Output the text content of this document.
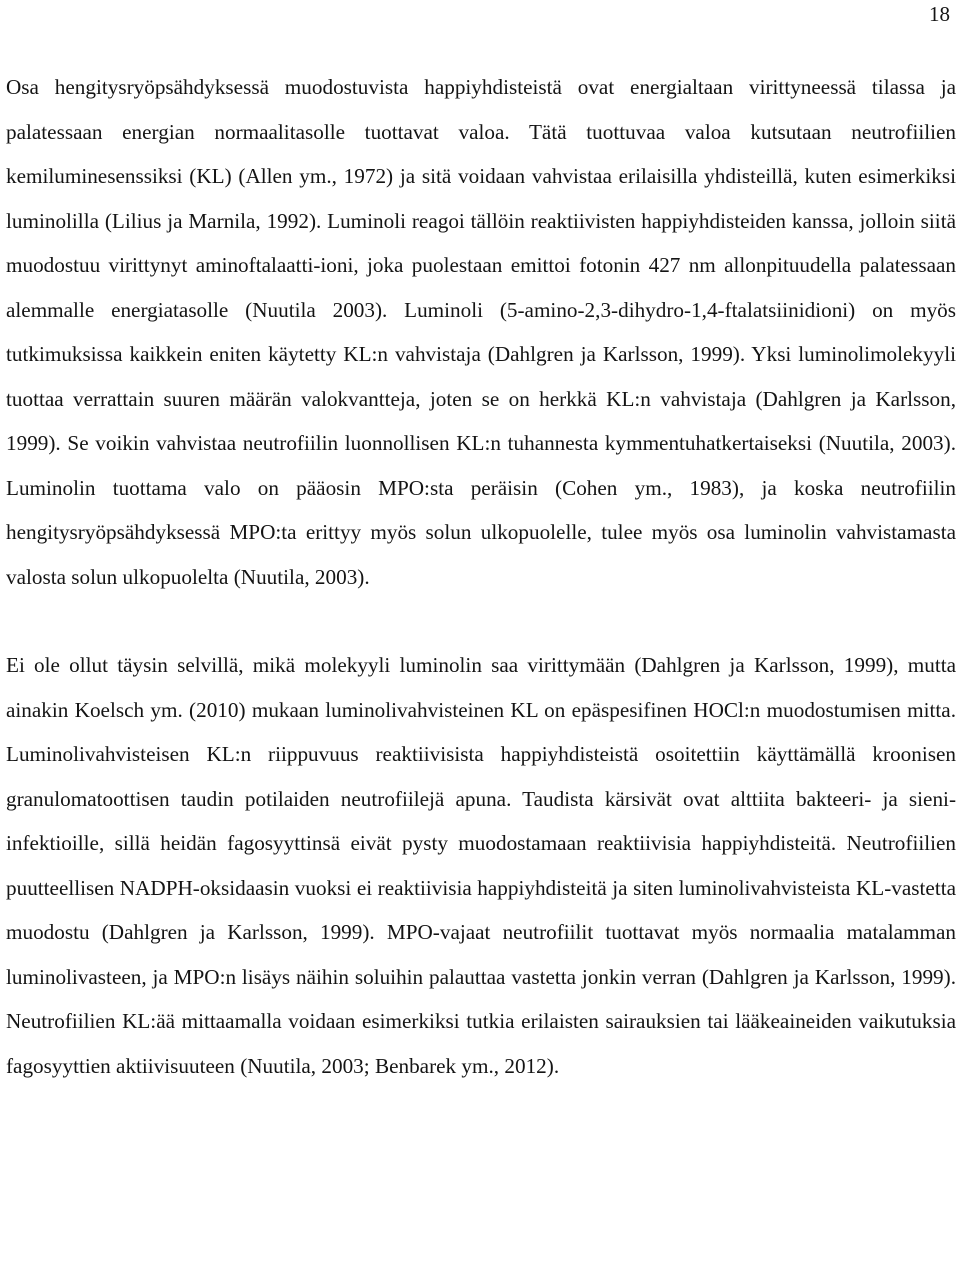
18

Osa hengitysryöpsähdyksessä muodostuvista happiyhdisteistä ovat energialtaan virittyneessä tilassa ja palatessaan energian normaalitasolle tuottavat valoa. Tätä tuottuvaa valoa kutsutaan neutrofiilien kemiluminesenssiksi (KL) (Allen ym., 1972) ja sitä voidaan vahvistaa erilaisilla yhdisteillä, kuten esimerkiksi luminolilla (Lilius ja Marnila, 1992). Luminoli reagoi tällöin reaktiivisten happiyhdisteiden kanssa, jolloin siitä muodostuu virittynyt aminoftalaatti-ioni, joka puolestaan emittoi fotonin 427 nm allonpituudella palatessaan alemmalle energiatasolle (Nuutila 2003). Luminoli (5-amino-2,3-dihydro-1,4-ftalatsiinidioni) on myös tutkimuksissa kaikkein eniten käytetty KL:n vahvistaja (Dahlgren ja Karlsson, 1999). Yksi luminolimolekyyli tuottaa verrattain suuren määrän valokvantteja, joten se on herkkä KL:n vahvistaja (Dahlgren ja Karlsson, 1999). Se voikin vahvistaa neutrofiilin luonnollisen KL:n tuhannesta kymmentuhatkertaiseksi (Nuutila, 2003). Luminolin tuottama valo on pääosin MPO:sta peräisin (Cohen ym., 1983), ja koska neutrofiilin hengitysryöpsähdyksessä MPO:ta erittyy myös solun ulkopuolelle, tulee myös osa luminolin vahvistamasta valosta solun ulkopuolelta (Nuutila, 2003).

Ei ole ollut täysin selvillä, mikä molekyyli luminolin saa virittymään (Dahlgren ja Karlsson, 1999), mutta ainakin Koelsch ym. (2010) mukaan luminolivahvisteinen KL on epäspesifinen HOCl:n muodostumisen mitta. Luminolivahvisteisen KL:n riippuvuus reaktiivisista happiyhdisteistä osoitettiin käyttämällä kroonisen granulomatoottisen taudin potilaiden neutrofiilejä apuna. Taudista kärsivät ovat alttiita bakteeri- ja sieni-infektioille, sillä heidän fagosyyttinsä eivät pysty muodostamaan reaktiivisia happiyhdisteitä. Neutrofiilien puutteellisen NADPH-oksidaasin vuoksi ei reaktiivisia happiyhdisteitä ja siten luminolivahvisteista KL-vastetta muodostu (Dahlgren ja Karlsson, 1999). MPO-vajaat neutrofiilit tuottavat myös normaalia matalamman luminolivasteen, ja MPO:n lisäys näihin soluihin palauttaa vastetta jonkin verran (Dahlgren ja Karlsson, 1999). Neutrofiilien KL:ää mittaamalla voidaan esimerkiksi tutkia erilaisten sairauksien tai lääkeaineiden vaikutuksia fagosyyttien aktiivisuuteen (Nuutila, 2003; Benbarek ym., 2012).
